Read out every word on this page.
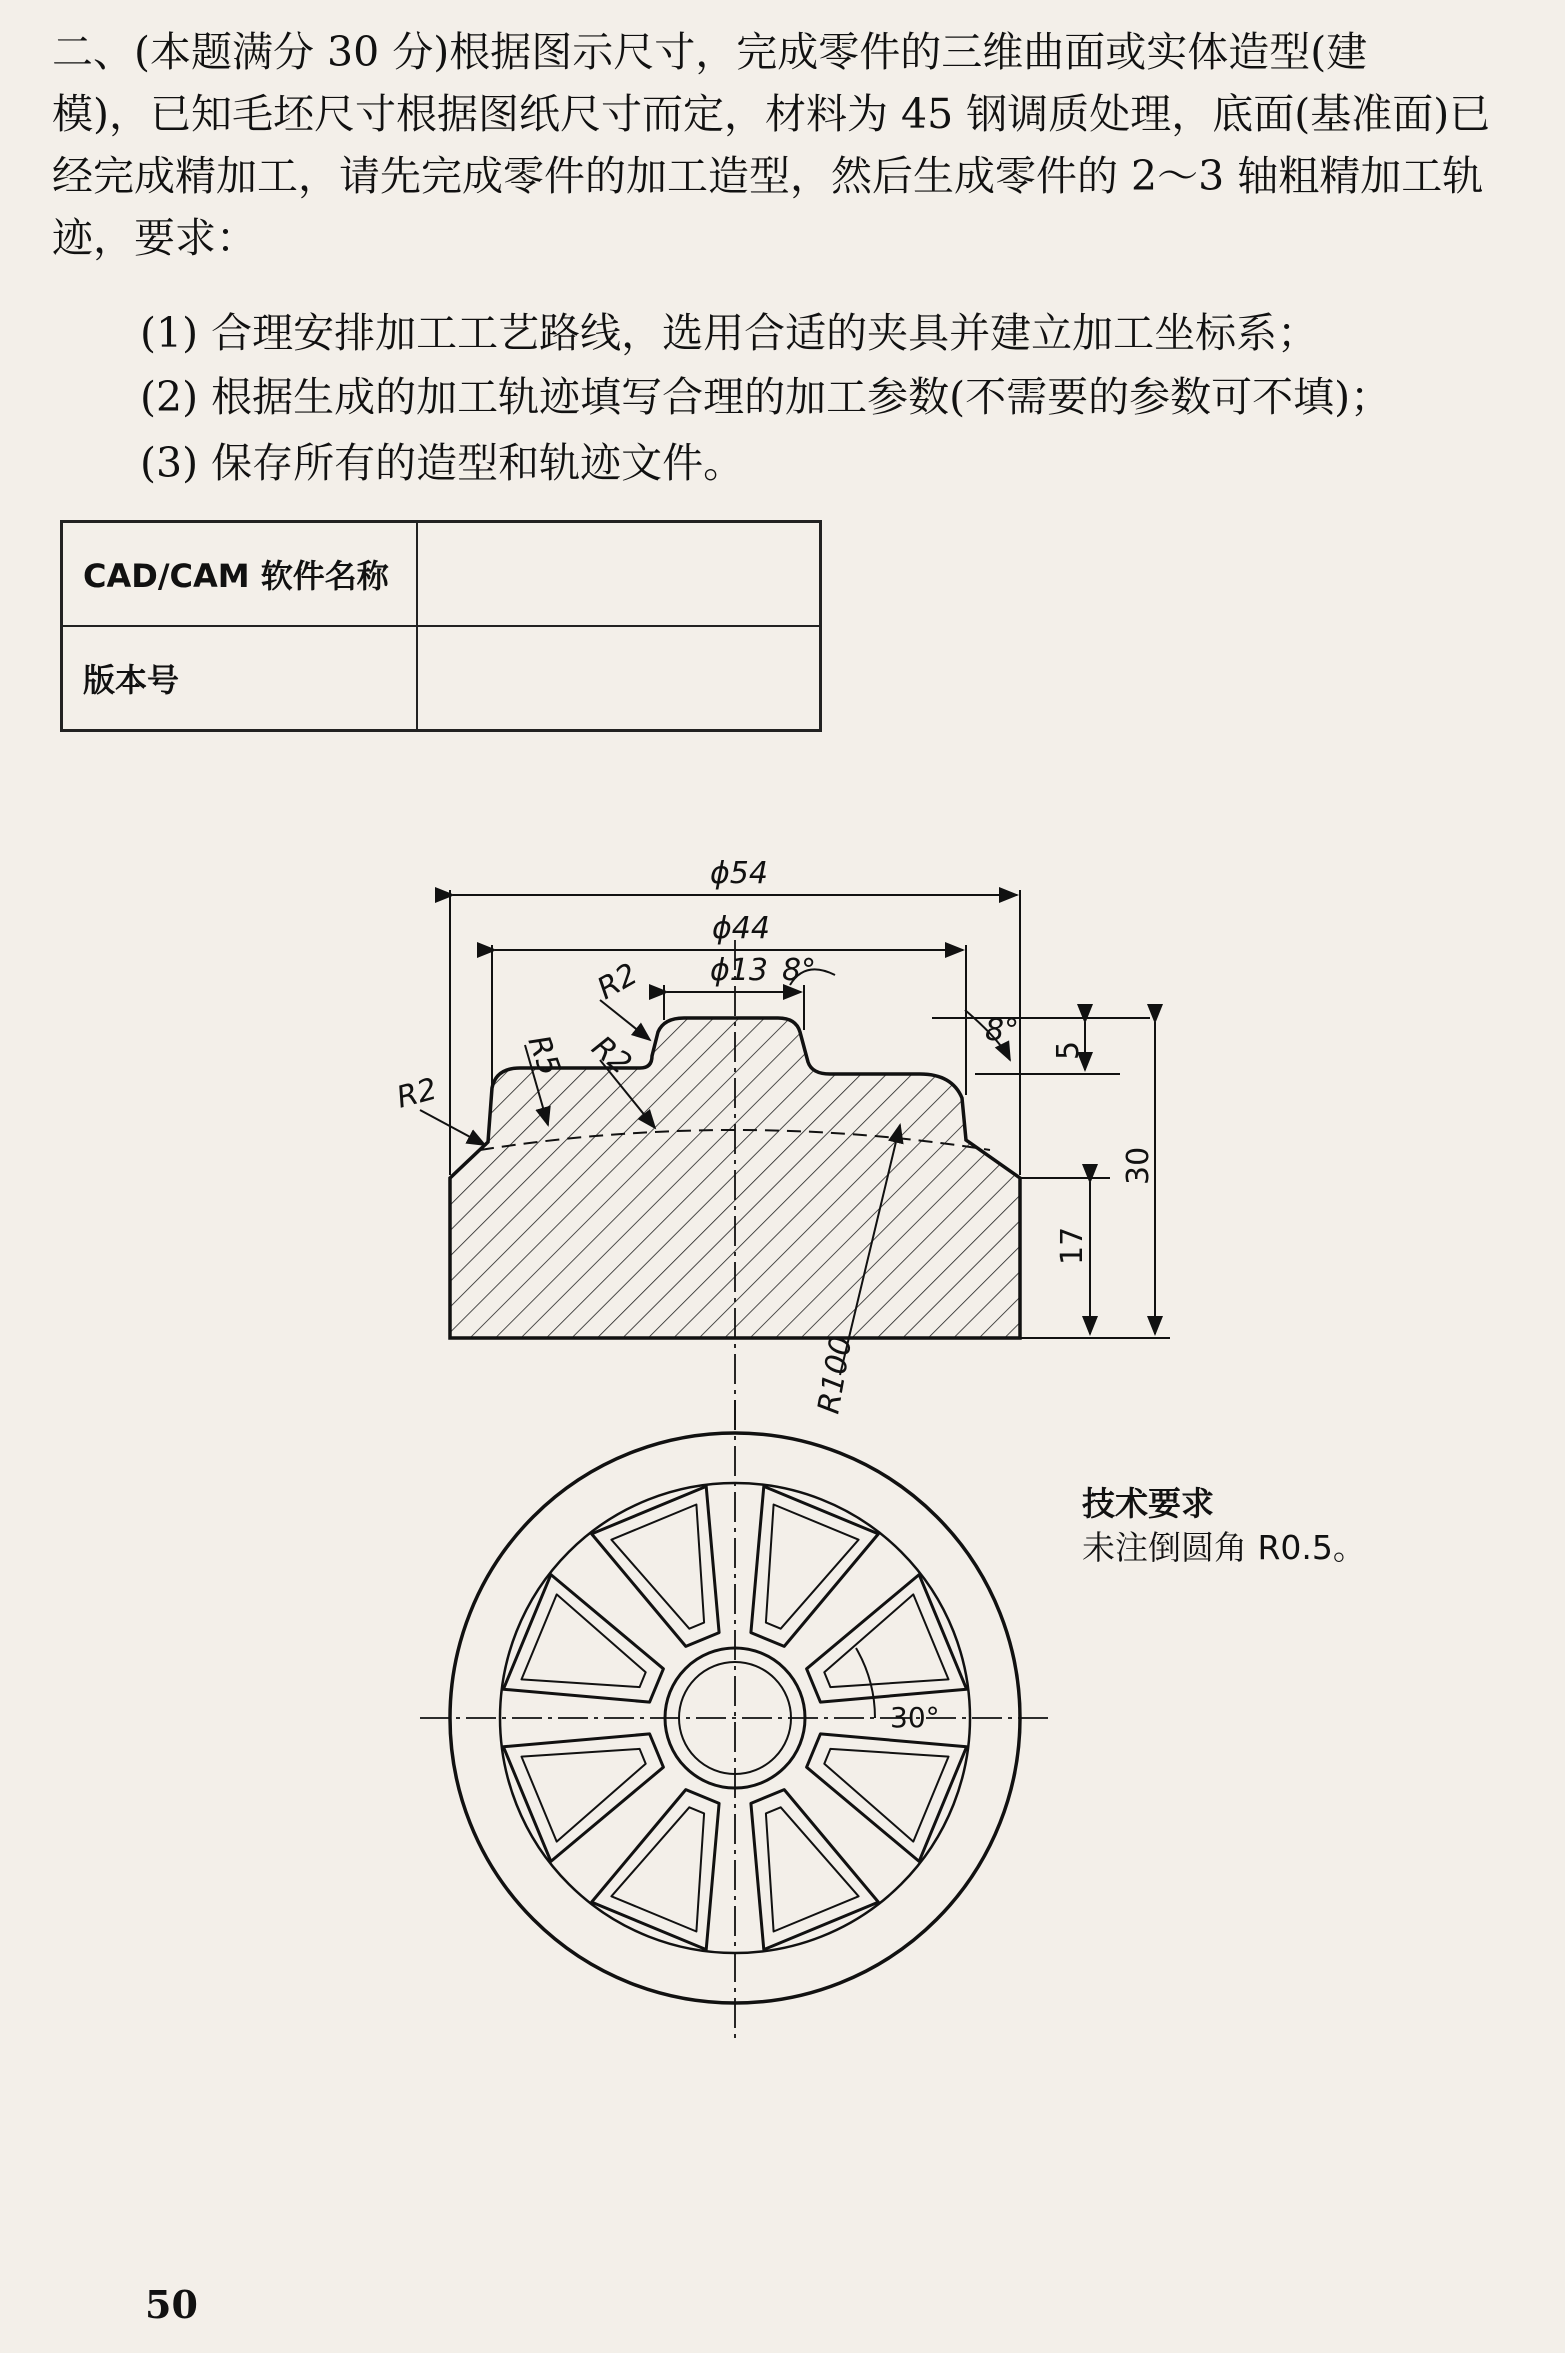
二、(本题满分 30 分)根据图示尺寸，完成零件的三维曲面或实体造型(建
模)，已知毛坯尺寸根据图纸尺寸而定，材料为 45 钢调质处理，底面(基准面)已
经完成精加工，请先完成零件的加工造型，然后生成零件的 2～3 轴粗精加工轨
迹，要求：
(1) 合理安排加工工艺路线，选用合适的夹具并建立加工坐标系；
(2) 根据生成的加工轨迹填写合理的加工参数(不需要的参数可不填)；
(3) 保存所有的造型和轨迹文件。
CAD/CAM 软件名称	
版本号	
ϕ54
ϕ44
ϕ13 8°
8°
R2
R5 R2
R2
5
30
17
R100
30°
技术要求
未注倒圆角 R0.5。
50
